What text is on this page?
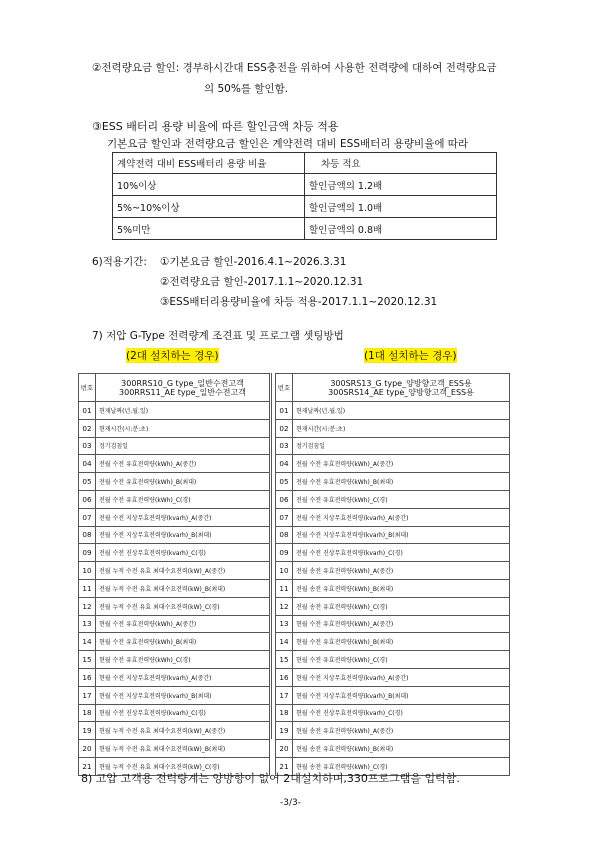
②전력량요금 할인: 경부하시간대 ESS충전을 위하여 사용한 전력량에 대하여 전력량요금
의 50%를 할인함.
③ESS 배터리 용량 비율에 따른 할인금액 차등 적용
기본요금 할인과 전력량요금 할인은 계약전력 대비 ESS배터리 용량비율에 따라
계약전력 대비 ESS배터리 용량 비율	차등 적요
10%이상	할인금액의 1.2배
5%~10%이상	할인금액의 1.0배
5%미만	할인금액의 0.8배
6)적용기간: ①기본요금 할인-2016.4.1~2026.3.31
②전력량요금 할인-2017.1.1~2020.12.31
③ESS배터리용량비율에 차등 적용-2017.1.1~2020.12.31
7) 저압 G-Type 전력량계 조견표 및 프로그램 셋팅방법
(2대 설치하는 경우)	(1대 설치하는 경우)
번호	300RRS10_G type_일반수전고객
300RRS11_AE type_일반수전고객

01	현재날짜(년.월.일)
02	현재시간(시:분:초)
03	정기검침일
04	전월 수전 유효전력량(kWh)_A(중간)
05	전월 수전 유효전력량(kWh)_B(최대)
06	전월 수전 유효전력량(kWh)_C(경)
07	전월 수전 지상무효전력량(kvarh)_A(중간)
08	전월 수전 지상무효전력량(kvarh)_B(최대)
09	전월 수전 진상무효전력량(kvarh)_C(경)
10	전월 누적 수전 유효 최대수요전력(kW)_A(중간)
11	전월 누적 수전 유효 최대수요전력(kW)_B(최대)
12	전월 누적 수전 유효 최대수요전력(kW)_C(경)
13	현월 수전 유효전력량(kWh)_A(중간)
14	현월 수전 유효전력량(kWh)_B(최대)
15	현월 수전 유효전력량(kWh)_C(경)
16	현월 수전 지상무효전력량(kvarh)_A(중간)
17	현월 수전 지상무효전력량(kvarh)_B(최대)
18	현월 수전 진상무효전력량(kvarh)_C(경)
19	현월 누적 수전 유효 최대수요전력(kW)_A(중간)
20	현월 누적 수전 유효 최대수요전력(kW)_B(최대)
21	현월 누적 수전 유효 최대수요전력(kW)_C(경)
번호	300SRS13_G type_양방향고객_ESS용
300SRS14_AE type_양방향고객_ESS용

01	현재날짜(년.월.일)
02	현재시간(시:분:초)
03	정기검침일
04	전월 수전 유효전력량(kWh)_A(중간)
05	전월 수전 유효전력량(kWh)_B(최대)
06	전월 수전 유효전력량(kWh)_C(경)
07	전월 수전 지상무효전력량(kvarh)_A(중간)
08	전월 수전 지상무효전력량(kvarh)_B(최대)
09	전월 수전 진상무효전력량(kvarh)_C(경)
10	전월 송전 유효전력량(kWh)_A(중간)
11	전월 송전 유효전력량(kWh)_B(최대)
12	전월 송전 유효전력량(kWh)_C(경)
13	현월 수전 유효전력량(kWh)_A(중간)
14	현월 수전 유효전력량(kWh)_B(최대)
15	현월 수전 유효전력량(kWh)_C(경)
16	현월 수전 지상무효전력량(kvarh)_A(중간)
17	현월 수전 지상무효전력량(kvarh)_B(최대)
18	현월 수전 진상무효전력량(kvarh)_C(경)
19	현월 송전 유효전력량(kWh)_A(중간)
20	현월 송전 유효전력량(kWh)_B(최대)
21	현월 송전 유효전력량(kWh)_C(경)
8) 고압 고객용 전력량계는 양방향이 없어 2대설치하며,330프로그램을 입력함.
-3/3-
